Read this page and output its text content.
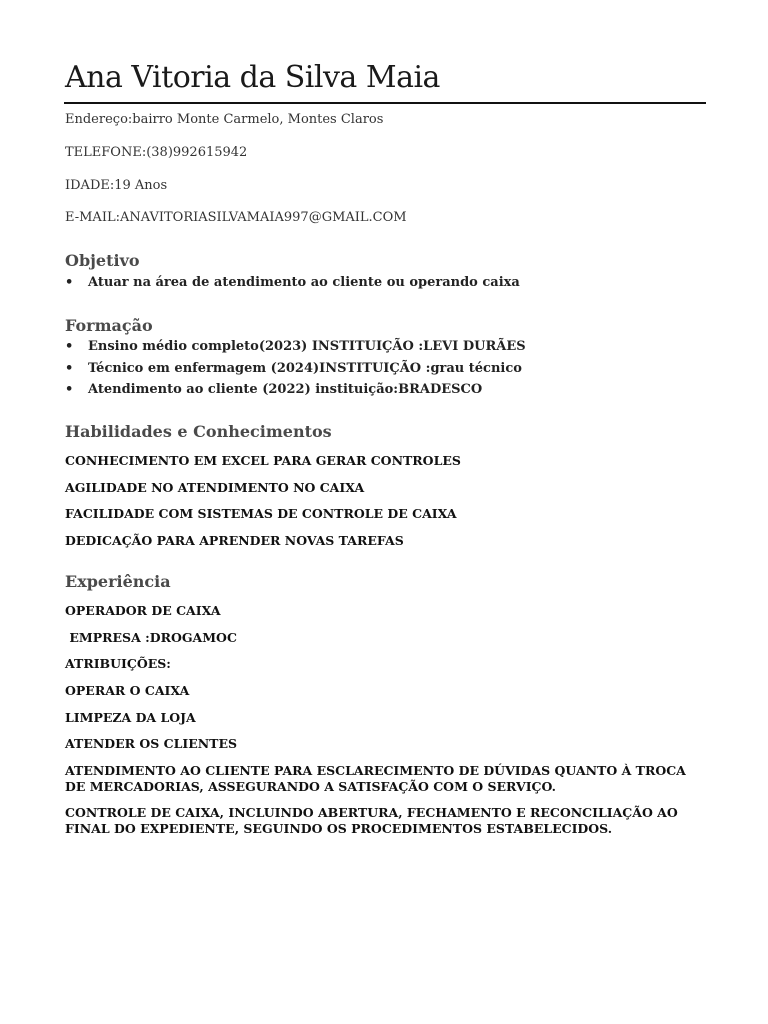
Ana Vitoria da Silva Maia

Endereço:bairro Monte Carmelo, Montes Claros

TELEFONE:(38)992615942

IDADE:19 Anos

E-MAIL:ANAVITORIASILVAMAIA997@GMAIL.COM

Objetivo
• Atuar na área de atendimento ao cliente ou operando caixa
Formação
• Ensino médio completo(2023) INSTITUIÇÃO :LEVI DURÃES
• Técnico em enfermagem (2024)INSTITUIÇÃO :grau técnico
• Atendimento ao cliente (2022) instituição:BRADESCO
Habilidades e Conhecimentos

CONHECIMENTO EM EXCEL PARA GERAR CONTROLES

AGILIDADE NO ATENDIMENTO NO CAIXA

FACILIDADE COM SISTEMAS DE CONTROLE DE CAIXA

DEDICAÇÃO PARA APRENDER NOVAS TAREFAS

Experiência

OPERADOR DE CAIXA

EMPRESA :DROGAMOC

ATRIBUIÇÕES:

OPERAR O CAIXA

LIMPEZA DA LOJA

ATENDER OS CLIENTES

ATENDIMENTO AO CLIENTE PARA ESCLARECIMENTO DE DÚVIDAS QUANTO À TROCA DE MERCADORIAS, ASSEGURANDO A SATISFAÇÃO COM O SERVIÇO.

CONTROLE DE CAIXA, INCLUINDO ABERTURA, FECHAMENTO E RECONCILIAÇÃO AO FINAL DO EXPEDIENTE, SEGUINDO OS PROCEDIMENTOS ESTABELECIDOS.
